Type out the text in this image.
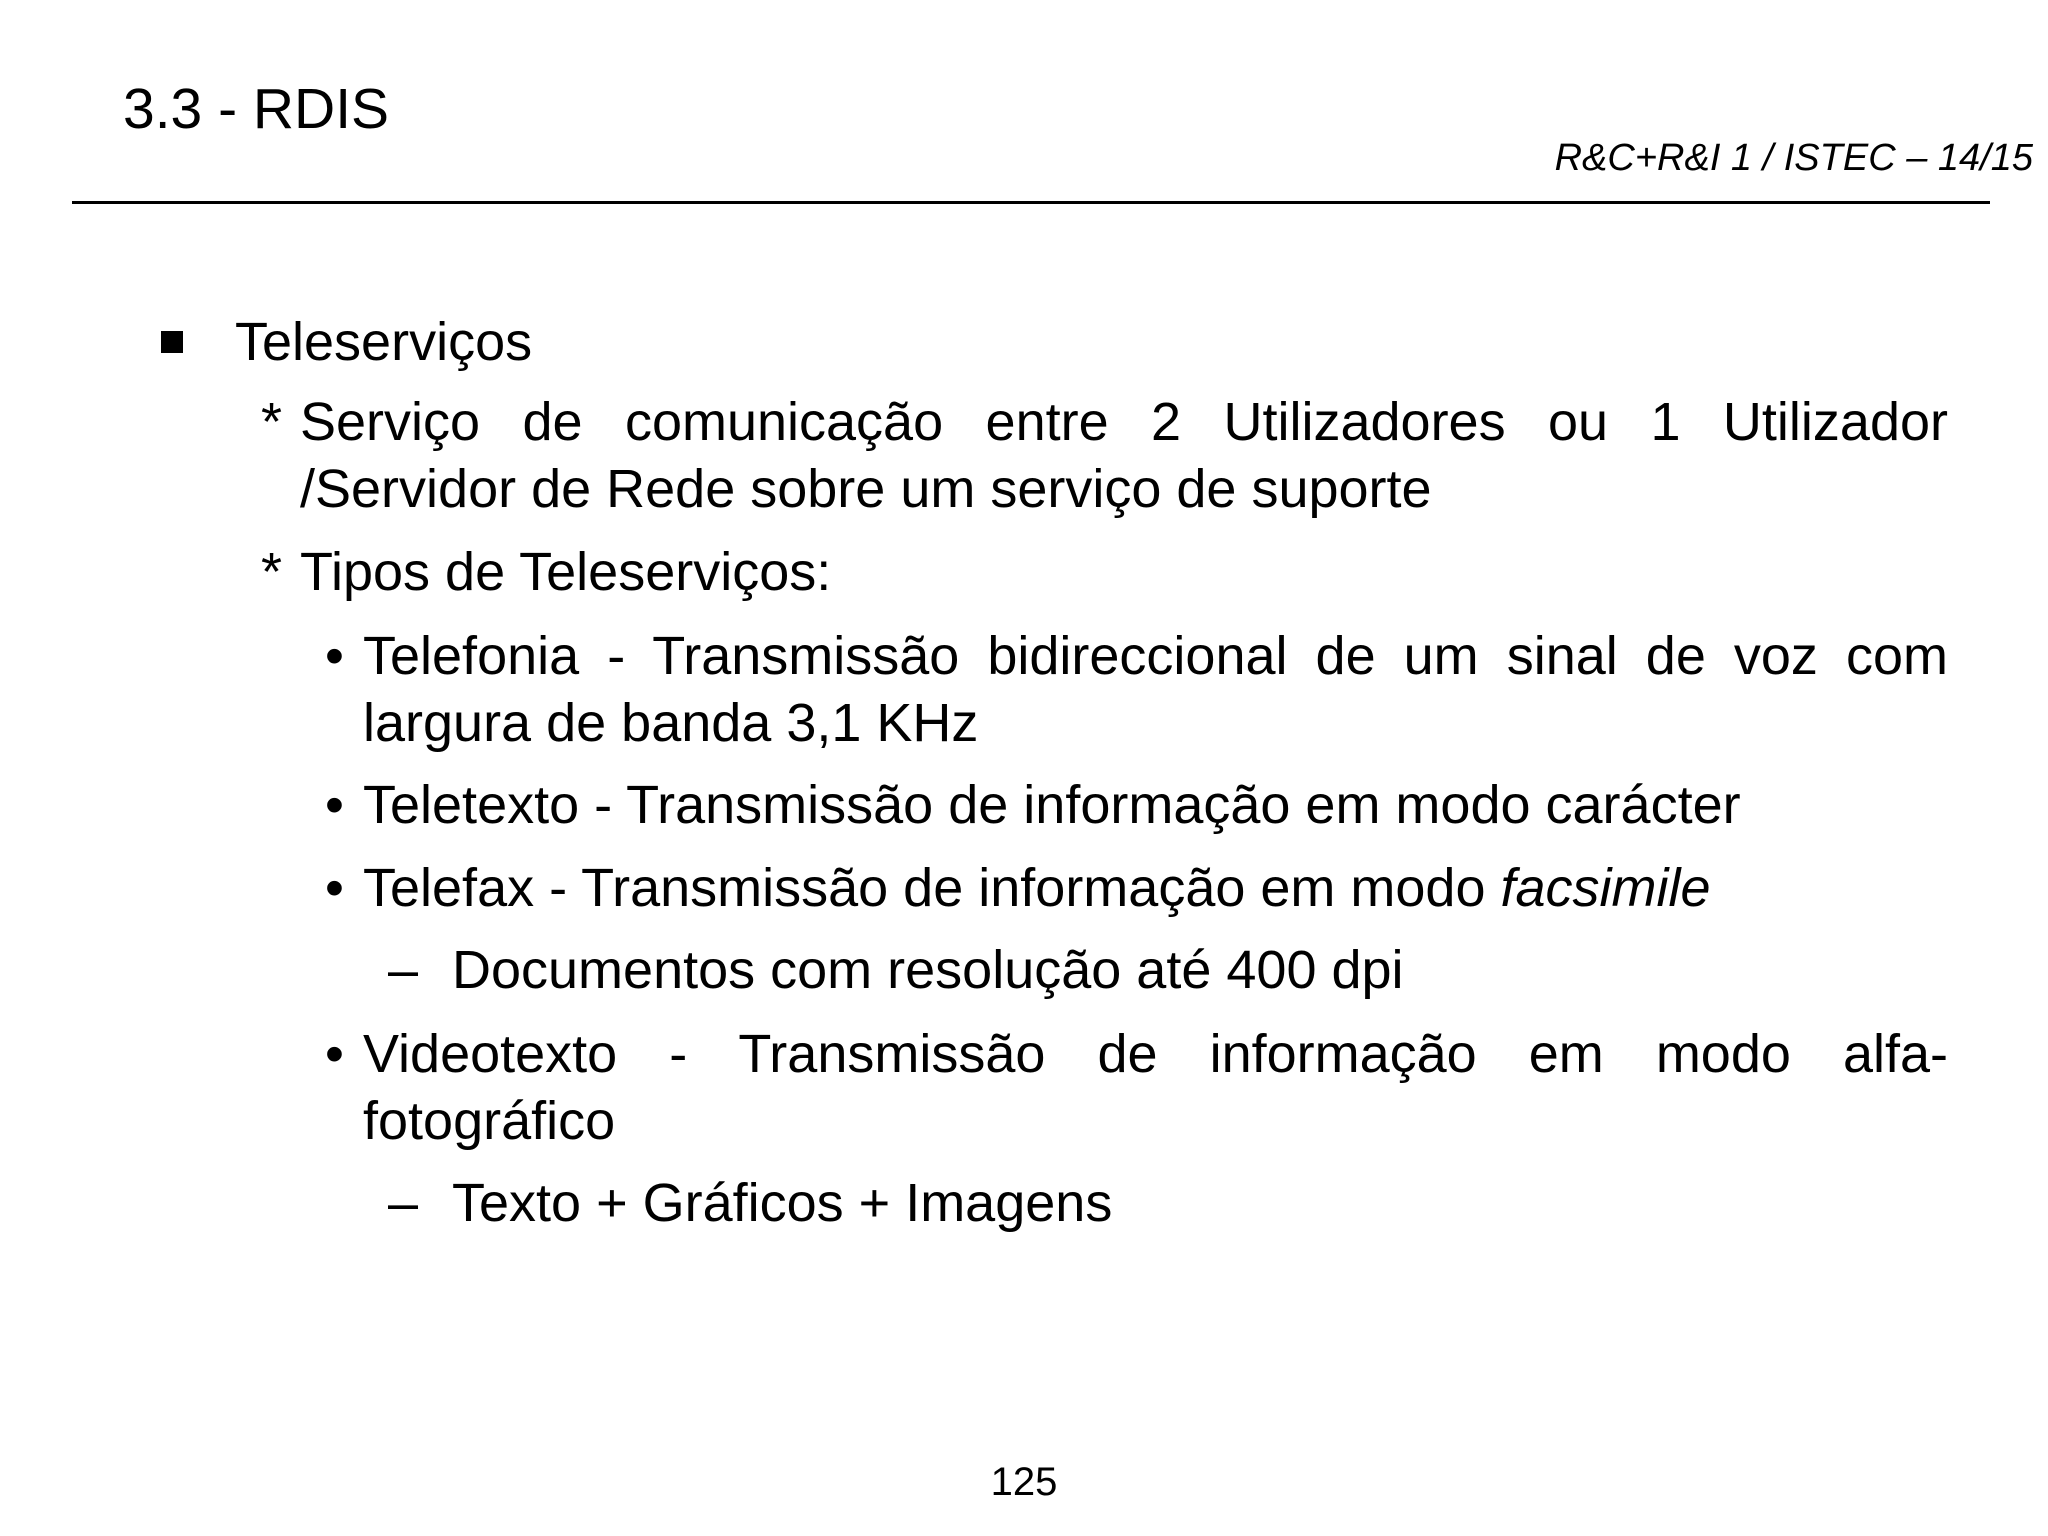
3.3 - RDIS
R&C+R&I 1 / ISTEC – 14/15
Teleserviços
* Serviço de comunicação entre 2 Utilizadores ou 1 Utilizador
/Servidor de Rede sobre um serviço de suporte
* Tipos de Teleserviços:
• Telefonia - Transmissão bidireccional de um sinal de voz com
largura de banda 3,1 KHz
• Teletexto - Transmissão de informação em modo carácter
• Telefax - Transmissão de informação em modo facsimile
– Documentos com resolução até 400 dpi
• Videotexto - Transmissão de informação em modo alfa-
fotográfico
– Texto + Gráficos + Imagens
125
